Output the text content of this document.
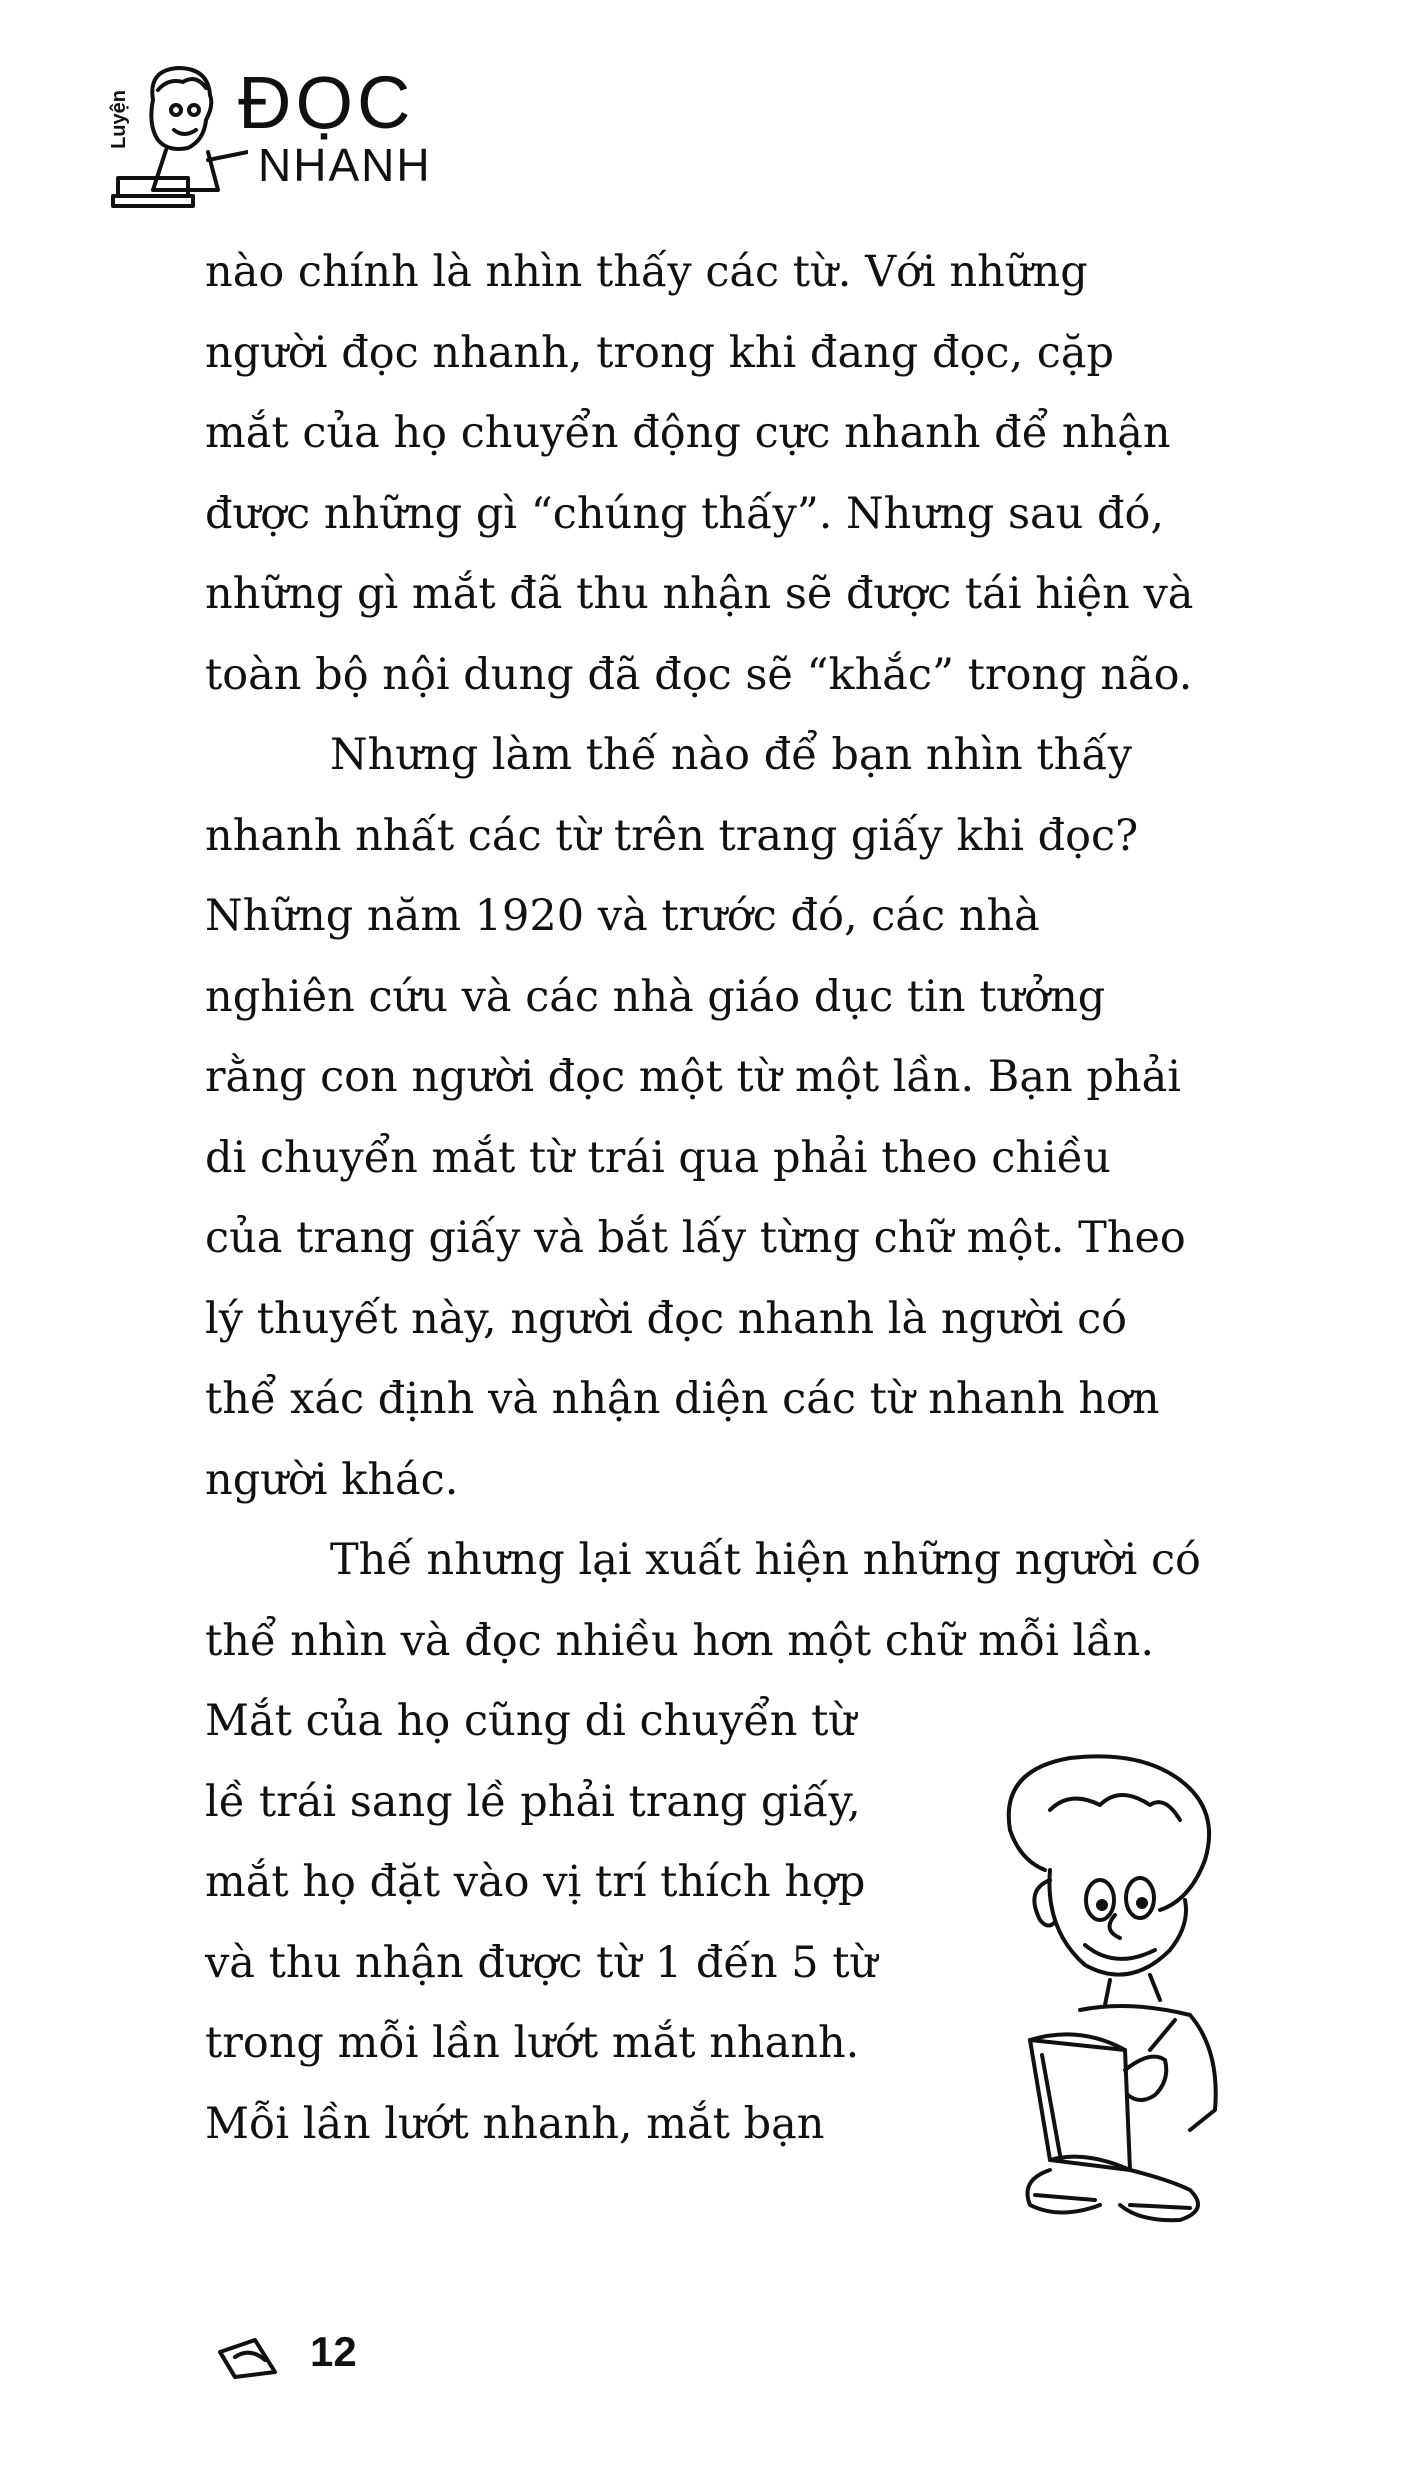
Luyện ĐỌC
NHANH

nào chính là nhìn thấy các từ. Với những
người đọc nhanh, trong khi đang đọc, cặp
mắt của họ chuyển động cực nhanh để nhận
được những gì “chúng thấy”. Nhưng sau đó,
những gì mắt đã thu nhận sẽ được tái hiện và
toàn bộ nội dung đã đọc sẽ “khắc” trong não.

Nhưng làm thế nào để bạn nhìn thấy
nhanh nhất các từ trên trang giấy khi đọc?
Những năm 1920 và trước đó, các nhà
nghiên cứu và các nhà giáo dục tin tưởng
rằng con người đọc một từ một lần. Bạn phải
di chuyển mắt từ trái qua phải theo chiều
của trang giấy và bắt lấy từng chữ một. Theo
lý thuyết này, người đọc nhanh là người có
thể xác định và nhận diện các từ nhanh hơn
người khác.

Thế nhưng lại xuất hiện những người có
thể nhìn và đọc nhiều hơn một chữ mỗi lần.
Mắt của họ cũng di chuyển từ
lề trái sang lề phải trang giấy,
mắt họ đặt vào vị trí thích hợp
và thu nhận được từ 1 đến 5 từ
trong mỗi lần lướt mắt nhanh.
Mỗi lần lướt nhanh, mắt bạn

12
